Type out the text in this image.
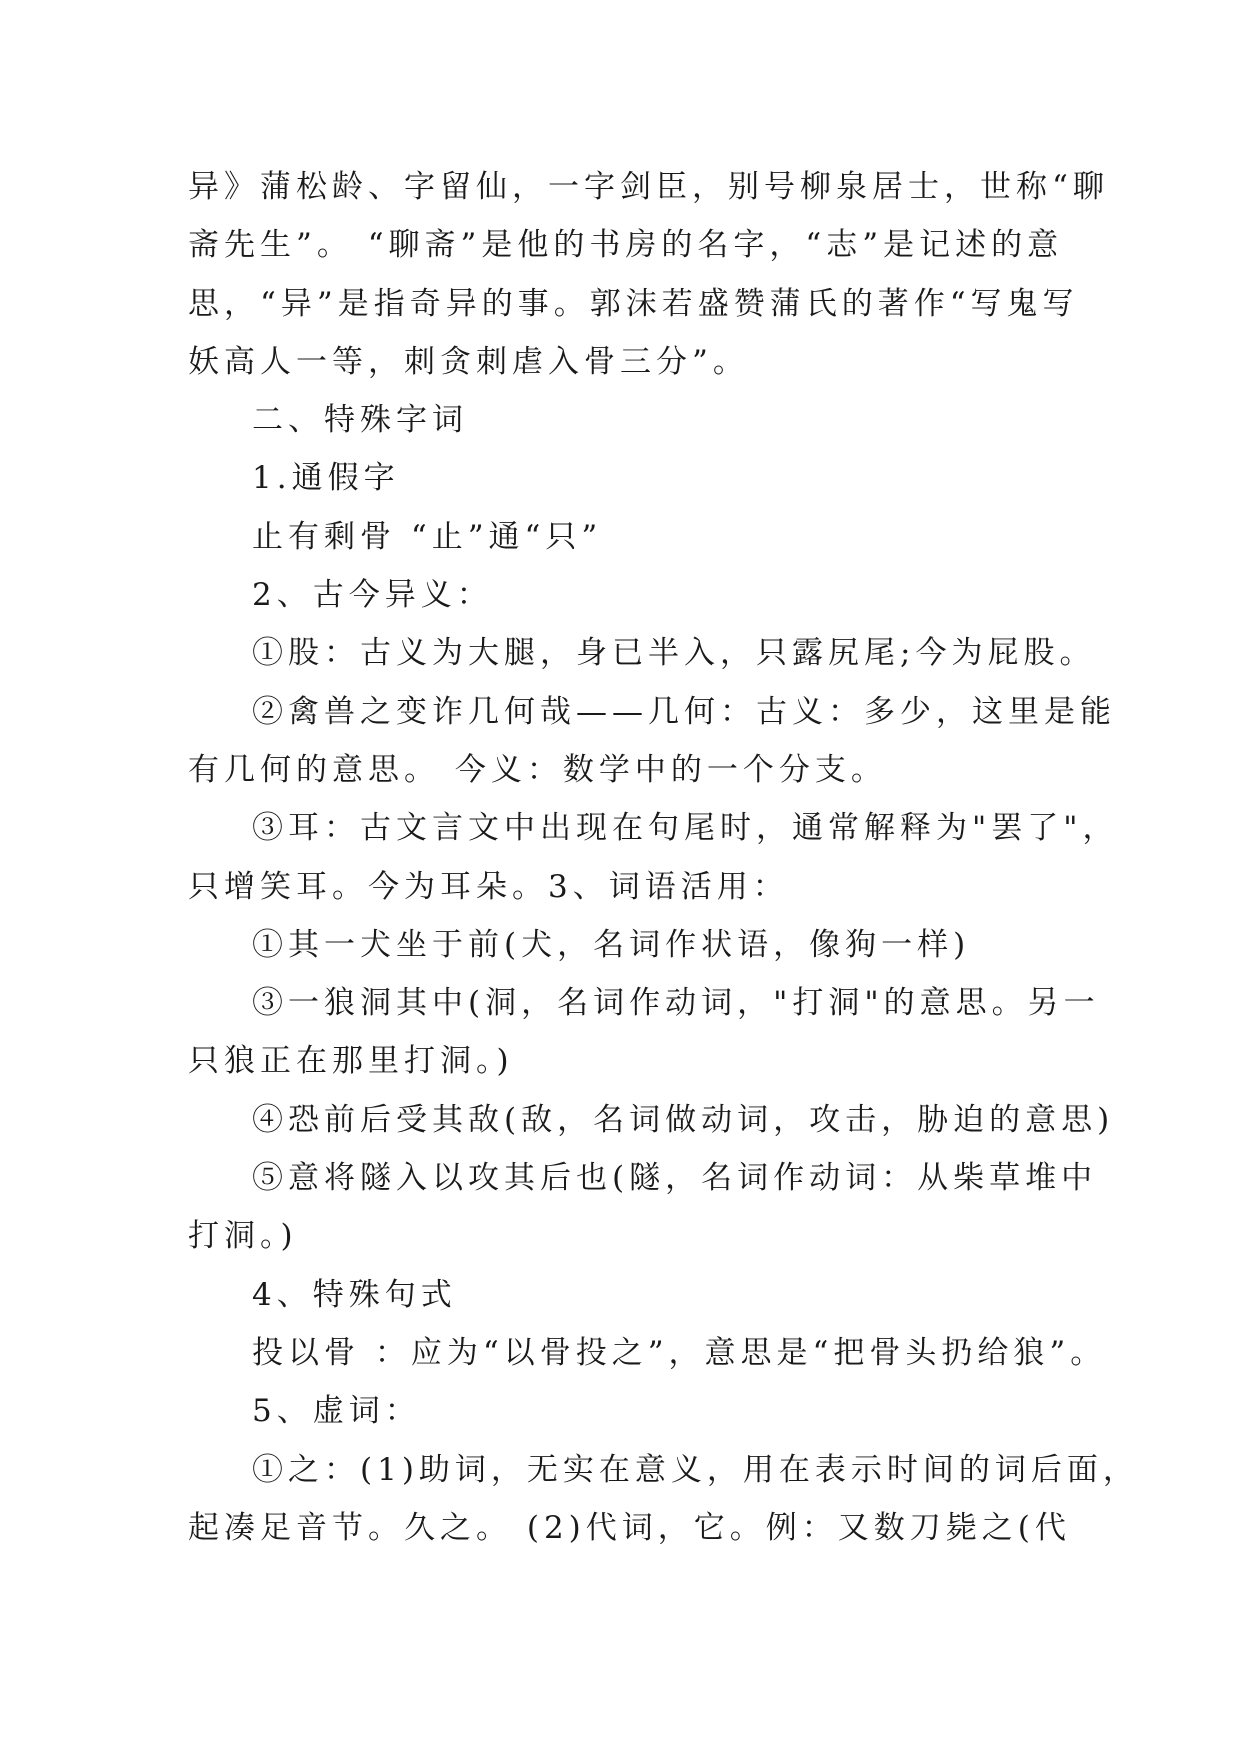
异》蒲松龄、字留仙，一字剑臣，别号柳泉居士，世称“聊
斋先生”。 “聊斋”是他的书房的名字，“志”是记述的意
思，“异”是指奇异的事。郭沫若盛赞蒲氏的著作“写鬼写
妖高人一等，刺贪刺虐入骨三分”。
二、特殊字词
1.通假字
止有剩骨 “止”通“只”
2、古今异义：
①股：古义为大腿，身已半入，只露尻尾;今为屁股。
②禽兽之变诈几何哉——几何：古义：多少，这里是能
有几何的意思。 今义：数学中的一个分支。
③耳：古文言文中出现在句尾时，通常解释为"罢了"，
只增笑耳。今为耳朵。3、词语活用：
①其一犬坐于前(犬，名词作状语，像狗一样)
③一狼洞其中(洞，名词作动词，"打洞"的意思。另一
只狼正在那里打洞。)
④恐前后受其敌(敌，名词做动词，攻击，胁迫的意思)
⑤意将隧入以攻其后也(隧，名词作动词：从柴草堆中
打洞。)
4、特殊句式
投以骨 ：应为“以骨投之”，意思是“把骨头扔给狼”。
5、虚词：
①之：(1)助词，无实在意义，用在表示时间的词后面，
起凑足音节。久之。 (2)代词，它。例：又数刀毙之(代
